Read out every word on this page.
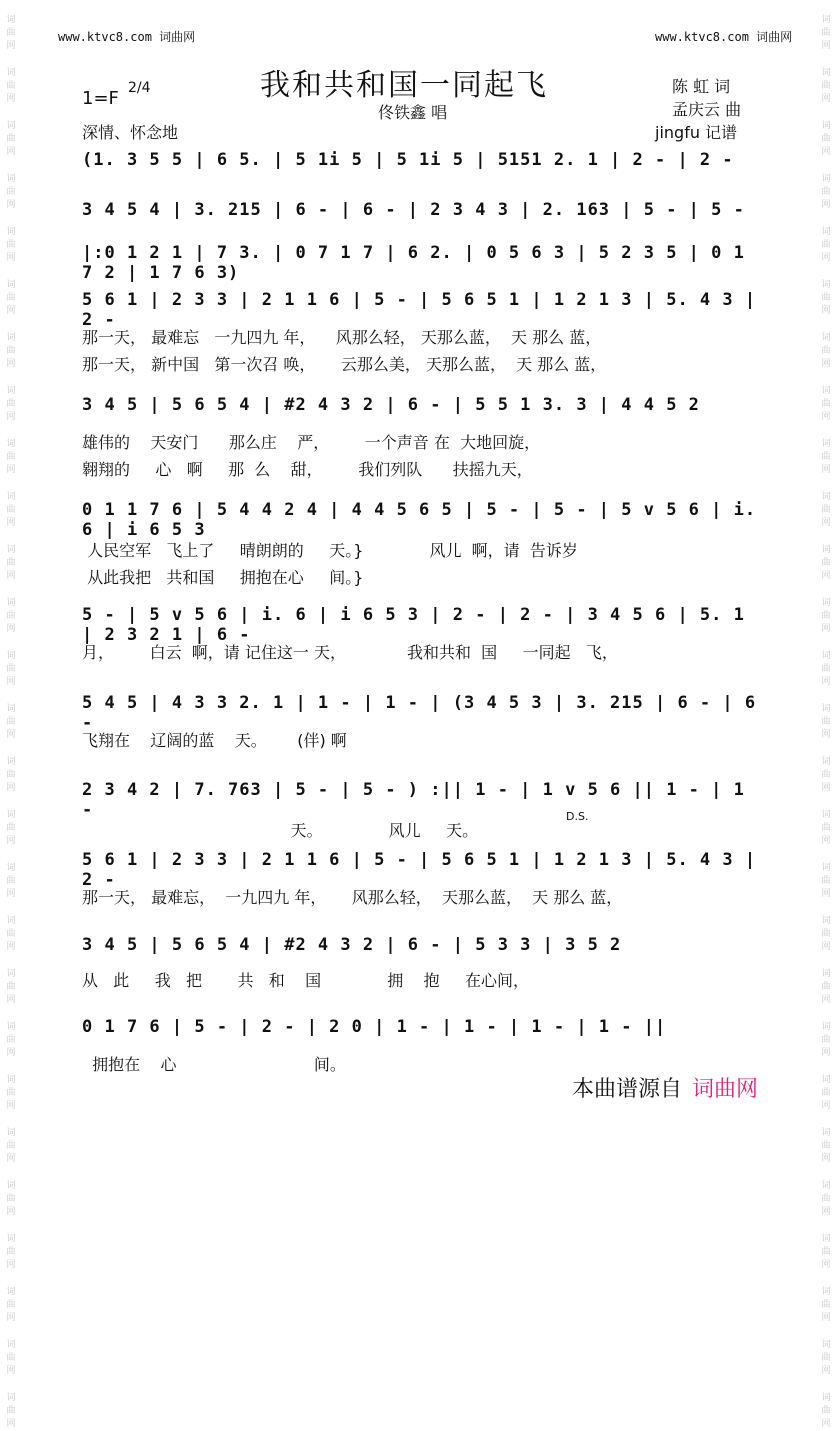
词
曲
网
词
曲
网
词
曲
网
词
曲
网
词
曲
网
词
曲
网
词
曲
网
词
曲
网
词
曲
网
词
曲
网
词
曲
网
词
曲
网
词
曲
网
词
曲
网
词
曲
网
词
曲
网
词
曲
网
词
曲
网
词
曲
网
词
曲
网
词
曲
网
词
曲
网
词
曲
网
词
曲
网
词
曲
网
词
曲
网
词
曲
网
词
曲
网
词
曲
网
词
曲
网
词
曲
网
词
曲
网
词
曲
网
词
曲
网
词
曲
网
词
曲
网
词
曲
网
词
曲
网
词
曲
网
词
曲
网
词
曲
网
词
曲
网
词
曲
网
词
曲
网
词
曲
网
词
曲
网
词
曲
网
词
曲
网
词
曲
网
词
曲
网
词
曲
网
词
曲
网
词
曲
网
词
曲
网
www.ktvc8.com 词曲网	www.ktvc8.com 词曲网
我和共和国一同起飞
1=F 2/4
佟铁鑫 唱
深情、怀念地
陈 虹 词
孟庆云 曲
jingfu 记谱
(1. 3 5 5 | 6 5. | 5 1i 5 | 5 1i 5 | 5151 2. 1 | 2 - | 2 -
3 4 5 4 | 3. 215 | 6 - | 6 - | 2 3 4 3 | 2. 163 | 5 - | 5 -
|:0 1 2 1 | 7 3. | 0 7 1 7 | 6 2. | 0 5 6 3 | 5 2 3 5 | 0 1 7 2 | 1 7 6 3)
5 6 1 | 2 3 3 | 2 1 1 6 | 5 - | 5 6 5 1 | 1 2 1 3 | 5. 4 3 | 2 -
3 4 5 | 5 6 5 4 | #2 4 3 2 | 6 - | 5 5 1 3. 3 | 4 4 5 2
0 1 1 7 6 | 5 4 4 2 4 | 4 4 5 6 5 | 5 - | 5 - | 5 v 5 6 | i. 6 | i 6 5 3
5 - | 5 v 5 6 | i. 6 | i 6 5 3 | 2 - | 2 - | 3 4 5 6 | 5. 1 | 2 3 2 1 | 6 -
5 4 5 | 4 3 3 2. 1 | 1 - | 1 - | (3 4 5 3 | 3. 215 | 6 - | 6 -
2 3 4 2 | 7. 763 | 5 - | 5 - ) :|| 1 - | 1 v 5 6 || 1 - | 1 -
5 6 1 | 2 3 3 | 2 1 1 6 | 5 - | 5 6 5 1 | 1 2 1 3 | 5. 4 3 | 2 -
3 4 5 | 5 6 5 4 | #2 4 3 2 | 6 - | 5 3 3 | 3 5 2
0 1 7 6 | 5 - | 2 - | 2 0 | 1 - | 1 - | 1 - | 1 - ||
那一天， 最难忘   一九四九 年，    风那么轻， 天那么蓝，  天 那么 蓝，
那一天， 新中国   第一次召 唤，     云那么美， 天那么蓝，  天 那么 蓝，
雄伟的    天安门      那么庄    严，       一个声音 在  大地回旋，
翱翔的     心   啊     那  么    甜，       我们列队      扶摇九天，
人民空军   飞上了     晴朗朗的     天。}             风儿  啊，请  告诉岁
从此我把   共和国     拥抱在心     间。}
月，       白云  啊，请 记住这一 天，            我和共和  国     一同起   飞，
飞翔在    辽阔的蓝    天。      (伴) 啊
天。             风儿     天。
那一天， 最难忘，  一九四九 年，     风那么轻，  天那么蓝，  天 那么 蓝，
从   此     我   把       共   和    国             拥    抱     在心间，
拥抱在    心                           间。
D.S.
本曲谱源自 词曲网
